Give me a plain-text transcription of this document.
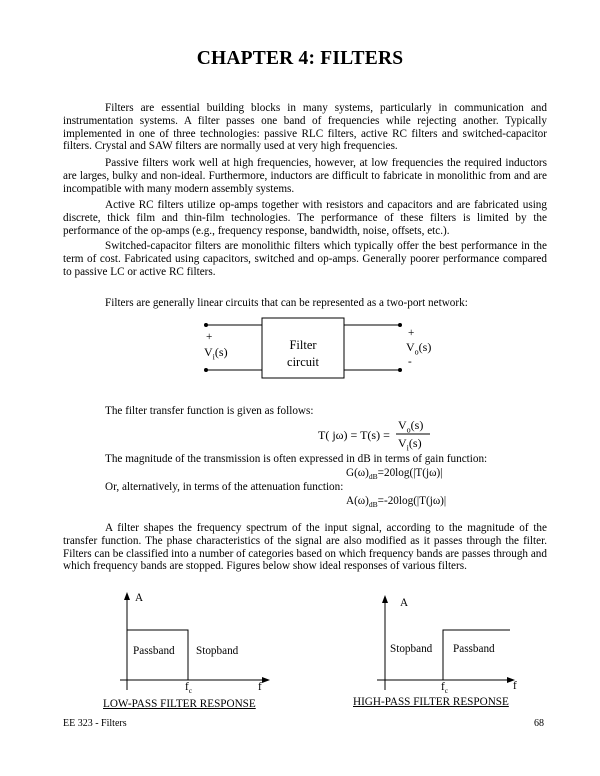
CHAPTER 4: FILTERS

Filters are essential building blocks in many systems, particularly in communication and instrumentation systems. A filter passes one band of frequencies while rejecting another. Typically implemented in one of three technologies: passive RLC filters, active RC filters and switched-capacitor filters. Crystal and SAW filters are normally used at very high frequencies.

Passive filters work well at high frequencies, however, at low frequencies the required inductors are larges, bulky and non-ideal. Furthermore, inductors are difficult to fabricate in monolithic from and are incompatible with many modern assembly systems.

Active RC filters utilize op-amps together with resistors and capacitors and are fabricated using discrete, thick film and thin-film technologies. The performance of these filters is limited by the performance of the op-amps (e.g., frequency response, bandwidth, noise, offsets, etc.).

Switched-capacitor filters are monolithic filters which typically offer the best performance in the term of cost. Fabricated using capacitors, switched and op-amps. Generally poorer performance compared to passive LC or active RC filters.

Filters are generally linear circuits that can be represented as a two-port network:
+
$V_i(s)$	Filter
circuit
+
$V_o(s)$
-
The filter transfer function is given as follows:
T( jω) = T(s) =
$V_o(s)$
$V_i(s)$
The magnitude of the transmission is often expressed in dB in terms of gain function:
$G(\omega)_{dB}=20\log(|T(j\omega)|$
Or, alternatively, in terms of the attenuation function:
$A(\omega)_{dB}=-20\log(|T(j\omega)|$

A filter shapes the frequency spectrum of the input signal, according to the magnitude of the transfer function. The phase characteristics of the signal are also modified as it passes through the filter. Filters can be classified into a number of categories based on which frequency bands are passes through and which frequency bands are stopped. Figures below show ideal responses of various filters.

A
Passband Stopband
$f_c$	f
LOW-PASS FILTER RESPONSE
A
Stopband Passband
$f_c$	f
HIGH-PASS FILTER RESPONSE
EE 323 - Filters	68
